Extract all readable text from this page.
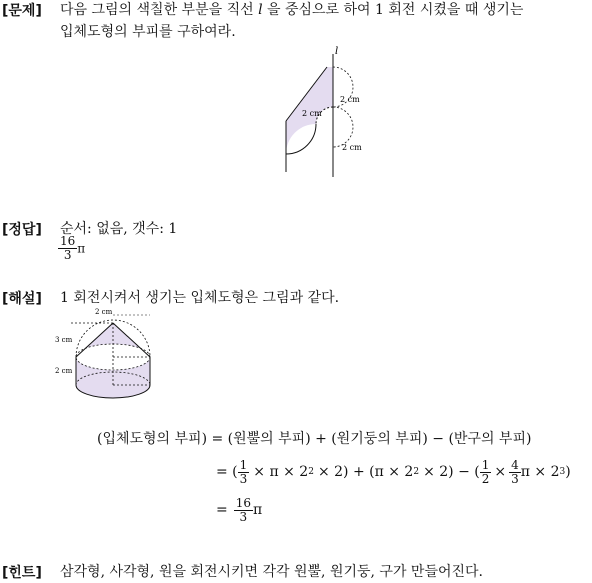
[문제] 다음 그림의 색칠한 부분을 직선 l 을 중심으로 하여 1 회전 시켰을 때 생기는
입체도형의 부피를 구하여라.
l
2 cm
2 cm
2 cm
[정답] 순서: 없음, 갯수: 1
$\frac{16}{3}$ π
[해설] 1 회전시켜서 생기는 입체도형은 그림과 같다.
2 cm
3 cm
2 cm
(입체도형의 부피) = (원뿔의 부피) + (원기둥의 부피) − (반구의 부피)
= ( $\frac{1}{3} \times \pi \times 2$ 2 × 2) + (π × 2 2 × 2) − ( $\frac{1}{2} \times \frac{4}{3}$ π × 2 3 )
= $\frac{16}{3}$ π
[힌트] 삼각형, 사각형, 원을 회전시키면 각각 원뿔, 원기둥, 구가 만들어진다.
